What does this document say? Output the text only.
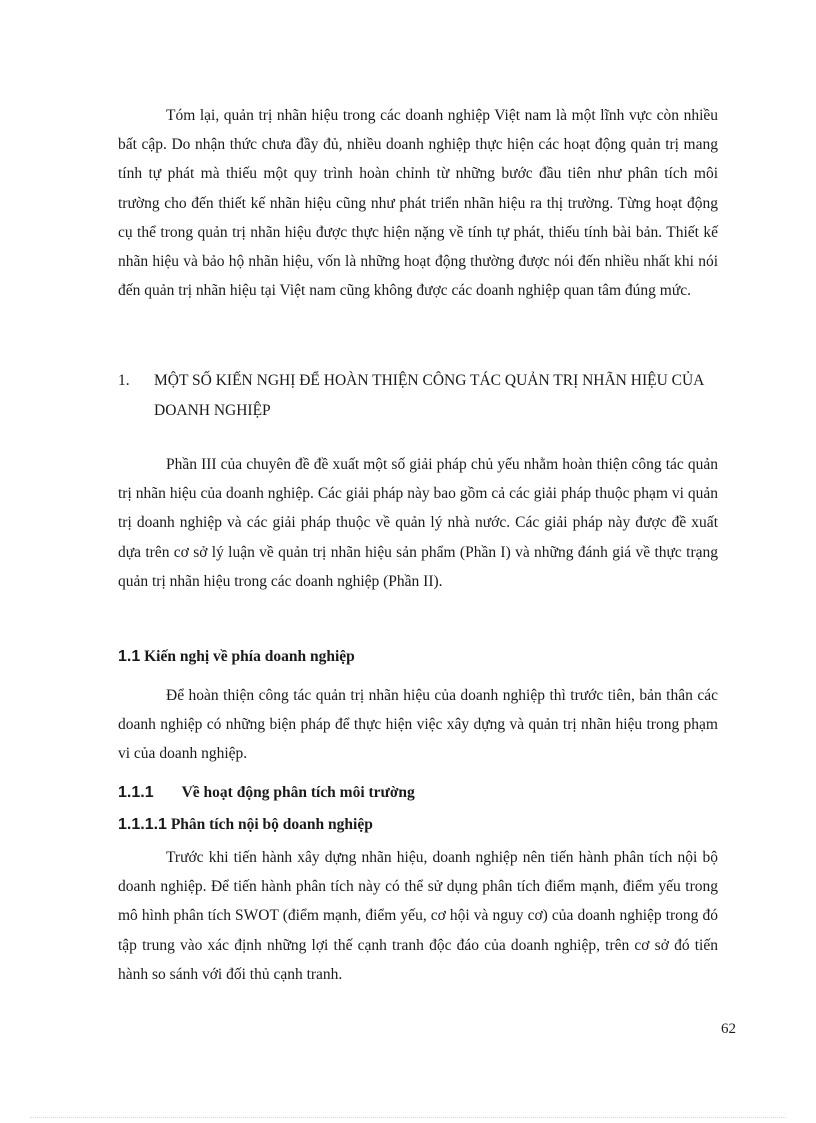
Tóm lại, quản trị nhãn hiệu trong các doanh nghiệp Việt nam là một lĩnh vực còn nhiều bất cập. Do nhận thức chưa đầy đủ, nhiều doanh nghiệp thực hiện các hoạt động quản trị mang tính tự phát mà thiếu một quy trình hoàn chỉnh từ những bước đầu tiên như phân tích môi trường cho đến thiết kế nhãn hiệu cũng như phát triển nhãn hiệu ra thị trường. Từng hoạt động cụ thể trong quản trị nhãn hiệu được thực hiện nặng về tính tự phát, thiếu tính bài bản. Thiết kế nhãn hiệu và bảo hộ nhãn hiệu, vốn là những hoạt động thường được nói đến nhiều nhất khi nói đến quản trị nhãn hiệu tại Việt nam cũng không được các doanh nghiệp quan tâm đúng mức.

1. MỘT SỐ KIẾN NGHỊ ĐỂ HOÀN THIỆN CÔNG TÁC QUẢN TRỊ NHÃN HIỆU CỦA DOANH NGHIỆP

Phần III của chuyên đề đề xuất một số giải pháp chủ yếu nhằm hoàn thiện công tác quản trị nhãn hiệu của doanh nghiệp. Các giải pháp này bao gồm cả các giải pháp thuộc phạm vi quản trị doanh nghiệp và các giải pháp thuộc về quản lý nhà nước. Các giải pháp này được đề xuất dựa trên cơ sở lý luận về quản trị nhãn hiệu sản phẩm (Phần I) và những đánh giá về thực trạng quản trị nhãn hiệu trong các doanh nghiệp (Phần II).

1.1 Kiến nghị về phía doanh nghiệp

Để hoàn thiện công tác quản trị nhãn hiệu của doanh nghiệp thì trước tiên, bản thân các doanh nghiệp có những biện pháp để thực hiện việc xây dựng và quản trị nhãn hiệu trong phạm vi của doanh nghiệp.

1.1.1 Về hoạt động phân tích môi trường
1.1.1.1 Phân tích nội bộ doanh nghiệp

Trước khi tiến hành xây dựng nhãn hiệu, doanh nghiệp nên tiến hành phân tích nội bộ doanh nghiệp. Để tiến hành phân tích này có thể sử dụng phân tích điểm mạnh, điểm yếu trong mô hình phân tích SWOT (điểm mạnh, điểm yếu, cơ hội và nguy cơ) của doanh nghiệp trong đó tập trung vào xác định những lợi thế cạnh tranh độc đáo của doanh nghiệp, trên cơ sở đó tiến hành so sánh với đối thủ cạnh tranh.

62
